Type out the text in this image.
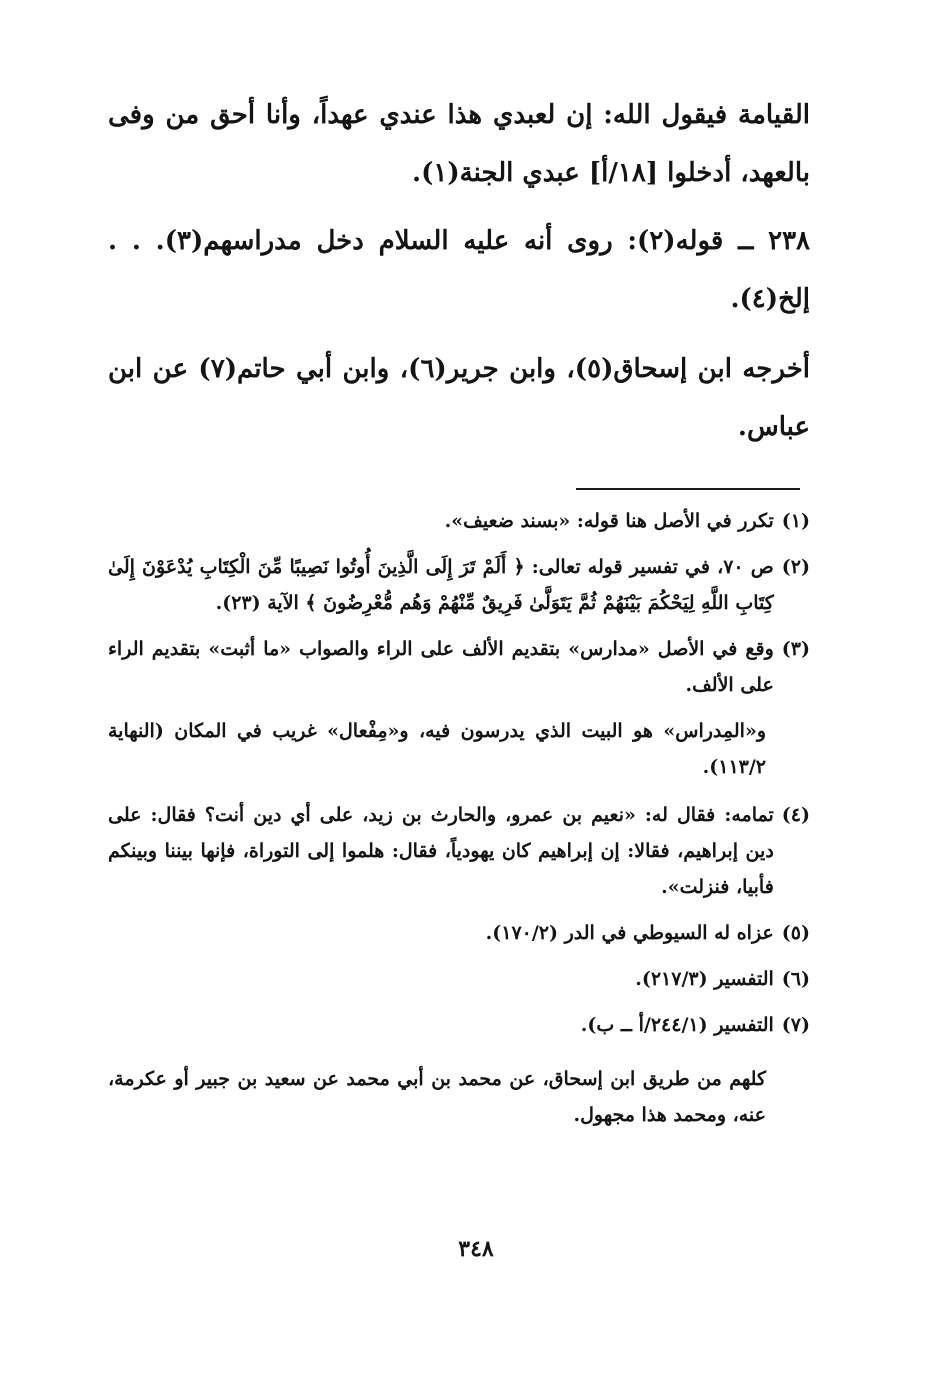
القيامة فيقول الله: إن لعبدي هذا عندي عهداً، وأنا أحق من وفى بالعهد، أدخلوا [١٨/أ] عبدي الجنة(١).

٢٣٨ ــ قوله(٢): روى أنه عليه السلام دخل مدراسهم(٣). . . إلخ(٤).

أخرجه ابن إسحاق(٥)، وابن جرير(٦)، وابن أبي حاتم(٧) عن ابن عباس.

(١)
تكرر في الأصل هنا قوله: «بسند ضعيف».
(٢)
ص ٧٠، في تفسير قوله تعالى: ﴿ أَلَمْ تَرَ إِلَى الَّذِينَ أُوتُوا نَصِيبًا مِّنَ الْكِتَابِ يُدْعَوْنَ إِلَىٰ كِتَابِ اللَّهِ لِيَحْكُمَ بَيْنَهُمْ ثُمَّ يَتَوَلَّىٰ فَرِيقٌ مِّنْهُمْ وَهُم مُّعْرِضُونَ ﴾ الآية (٢٣).
(٣)
وقع في الأصل «مدارس» بتقديم الألف على الراء والصواب «ما أثبت» بتقديم الراء على الألف.
و«المِدراس» هو البيت الذي يدرسون فيه، و«مِفْعال» غريب في المكان (النهاية ١١٣/٢).
(٤)
تمامه: فقال له: «نعيم بن عمرو، والحارث بن زيد، على أي دين أنت؟ فقال: على دين إبراهيم، فقالا: إن إبراهيم كان يهودياً، فقال: هلموا إلى التوراة، فإنها بيننا وبينكم فأبيا، فنزلت».
(٥)
عزاه له السيوطي في الدر (١٧٠/٢).
(٦)
التفسير (٢١٧/٣).
(٧)
التفسير (٢٤٤/١/أ ــ ب).
كلهم من طريق ابن إسحاق، عن محمد بن أبي محمد عن سعيد بن جبير أو عكرمة، عنه، ومحمد هذا مجهول.
٣٤٨
